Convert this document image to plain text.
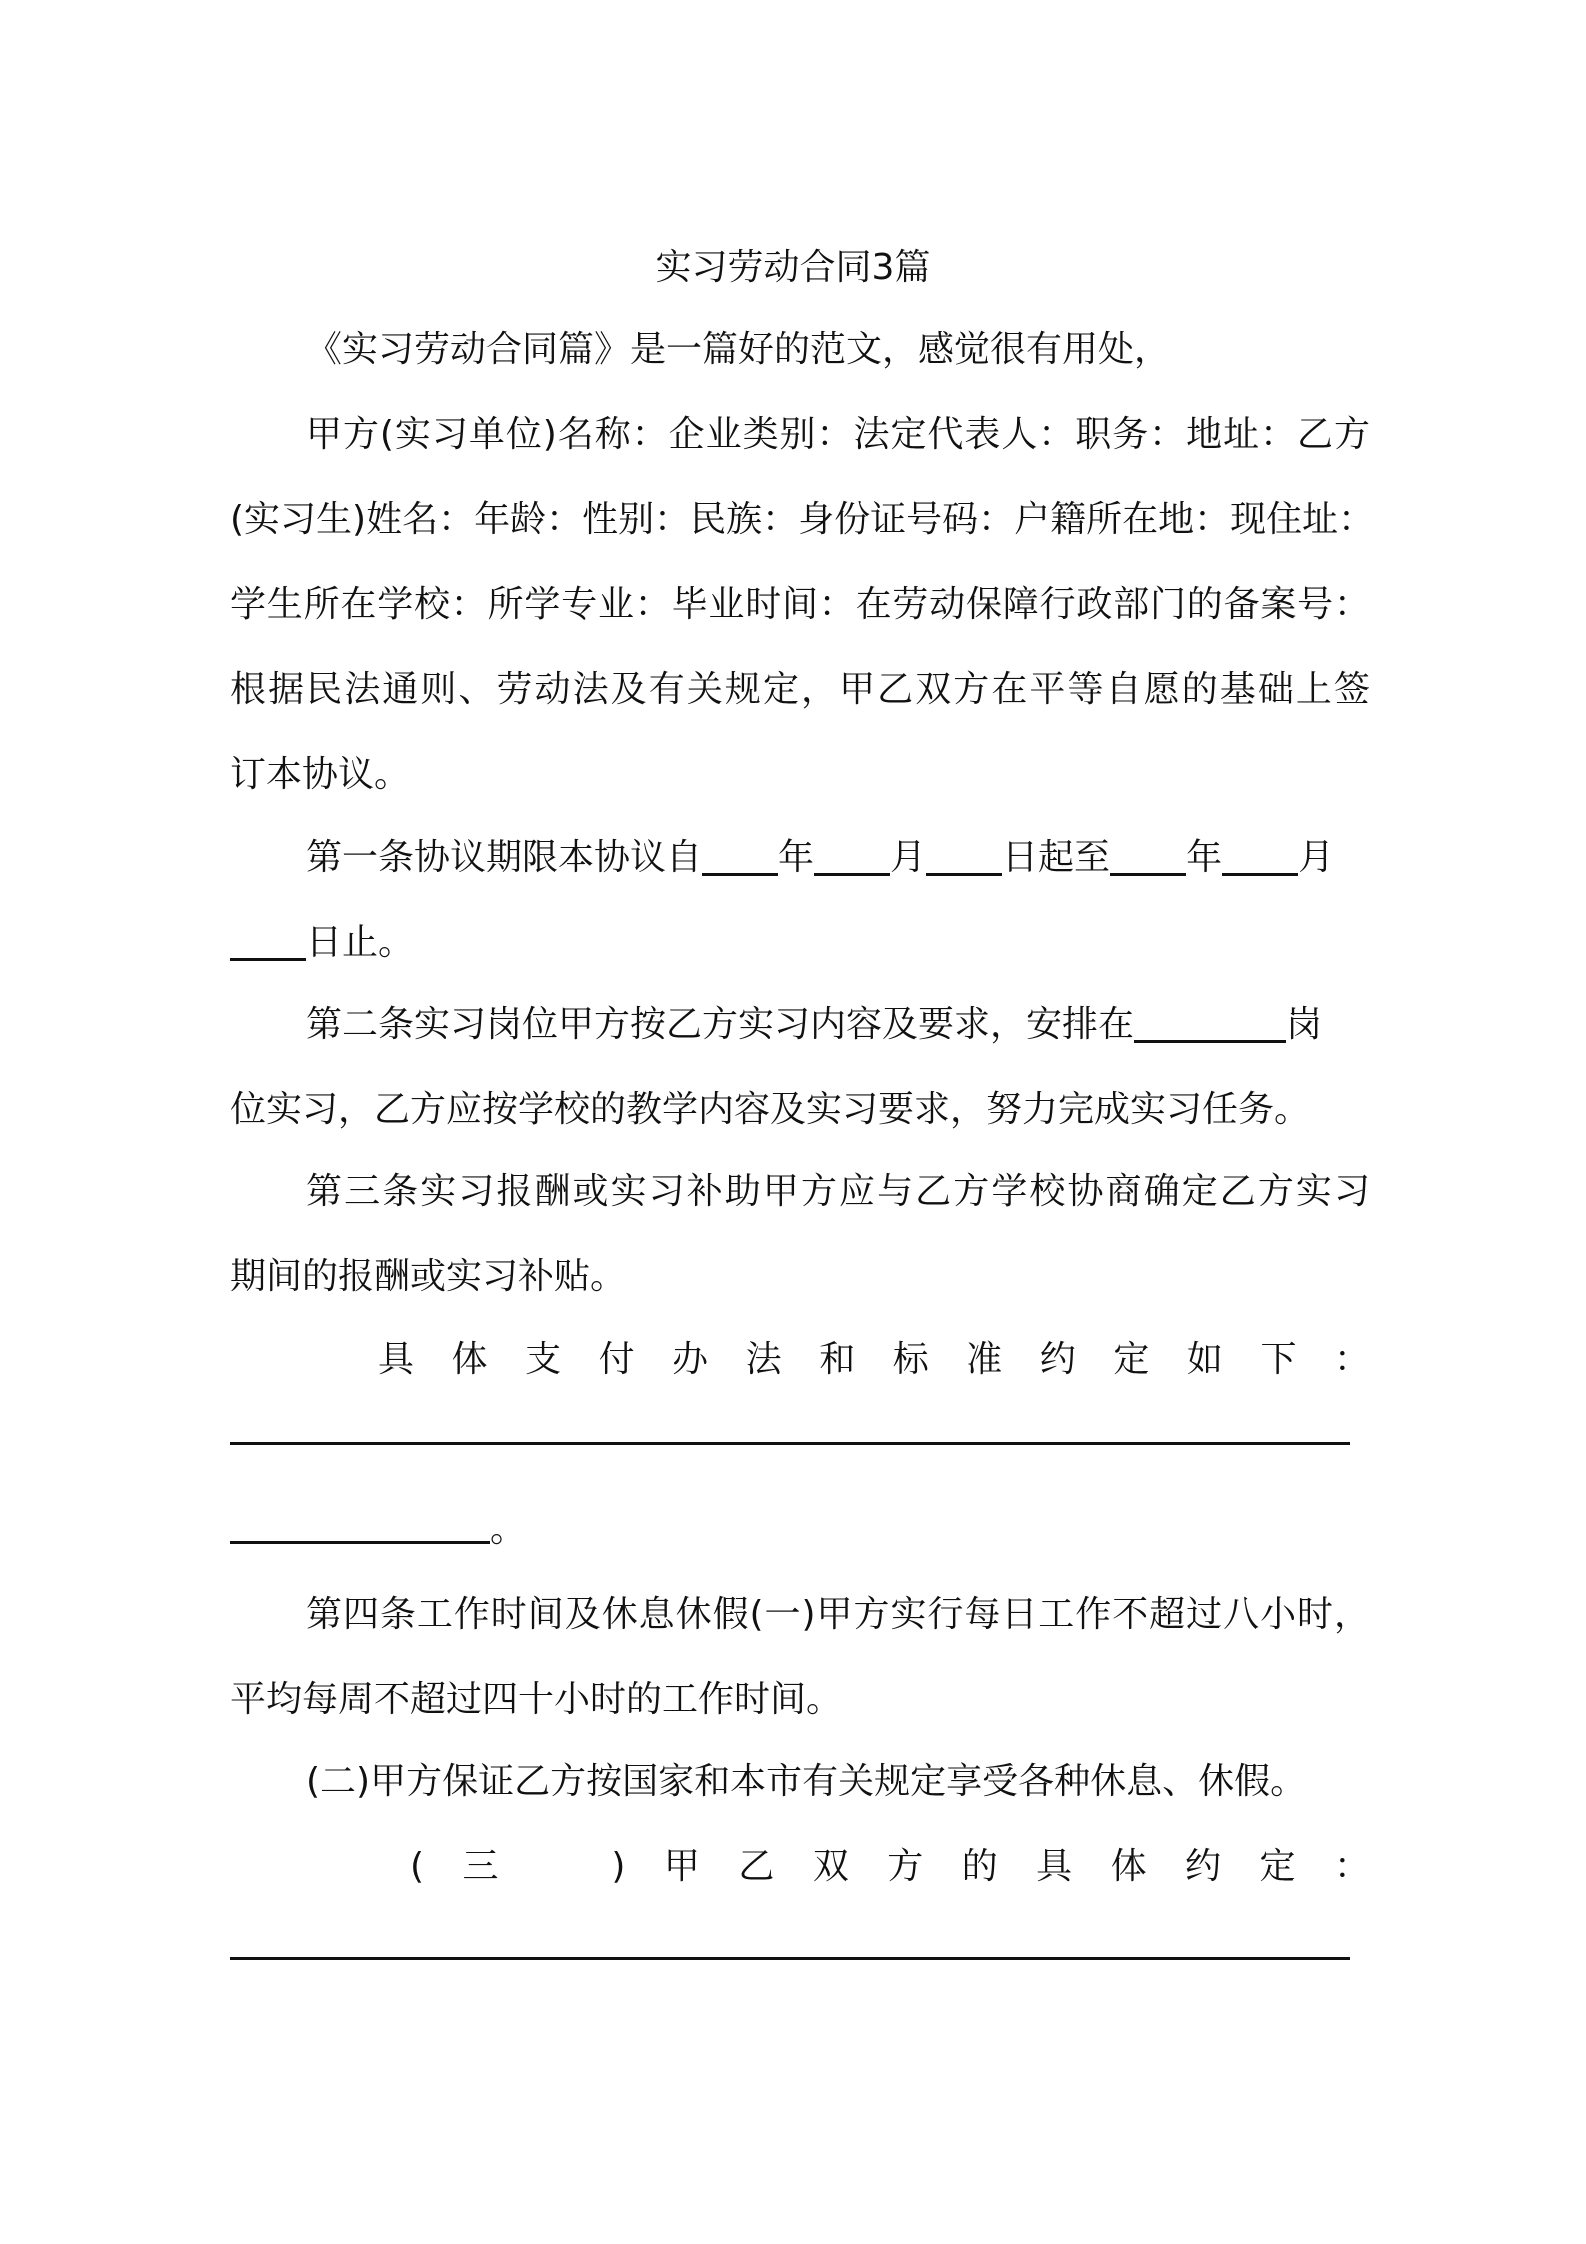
实习劳动合同3篇
《实习劳动合同篇》是一篇好的范文，感觉很有用处，
甲方(实习单位)名称：企业类别：法定代表人：职务：地址：乙方
(实习生)姓名：年龄：性别：民族：身份证号码：户籍所在地：现住址：
学生所在学校：所学专业：毕业时间：在劳动保障行政部门的备案号：
根据民法通则、劳动法及有关规定，甲乙双方在平等自愿的基础上签
订本协议。
第一条协议期限本协议自 年 月 日起至 年 月
日止。
第二条实习岗位甲方按乙方实习内容及要求，安排在	岗
位实习，乙方应按学校的教学内容及实习要求，努力完成实习任务。
第三条实习报酬或实习补助甲方应与乙方学校协商确定乙方实习
期间的报酬或实习补贴。
具体支付办法和标准约定如下：
。
第四条工作时间及休息休假(一)甲方实行每日工作不超过八小时，
平均每周不超过四十小时的工作时间。
(二)甲方保证乙方按国家和本市有关规定享受各种休息、休假。
(三　)甲乙双方的具体约定：
